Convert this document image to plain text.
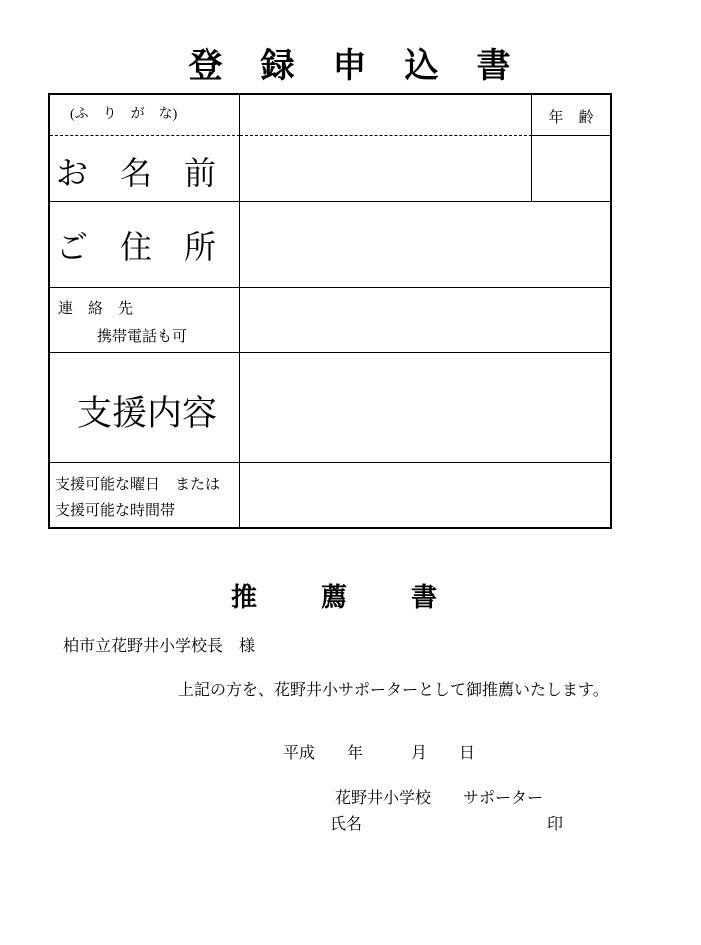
登　録　申　込　書
(ふ　り　が　な)	年　齢
お　名　前
ご　住　所
連　絡　先
携帯電話も可
支援内容
支援可能な曜日　または
支援可能な時間帯
推　　薦　　書
柏市立花野井小学校長　様
上記の方を、花野井小サポーターとして御推薦いたします。
平成　　年　　　月　　日
花野井小学校　　サポーター
氏名	印
